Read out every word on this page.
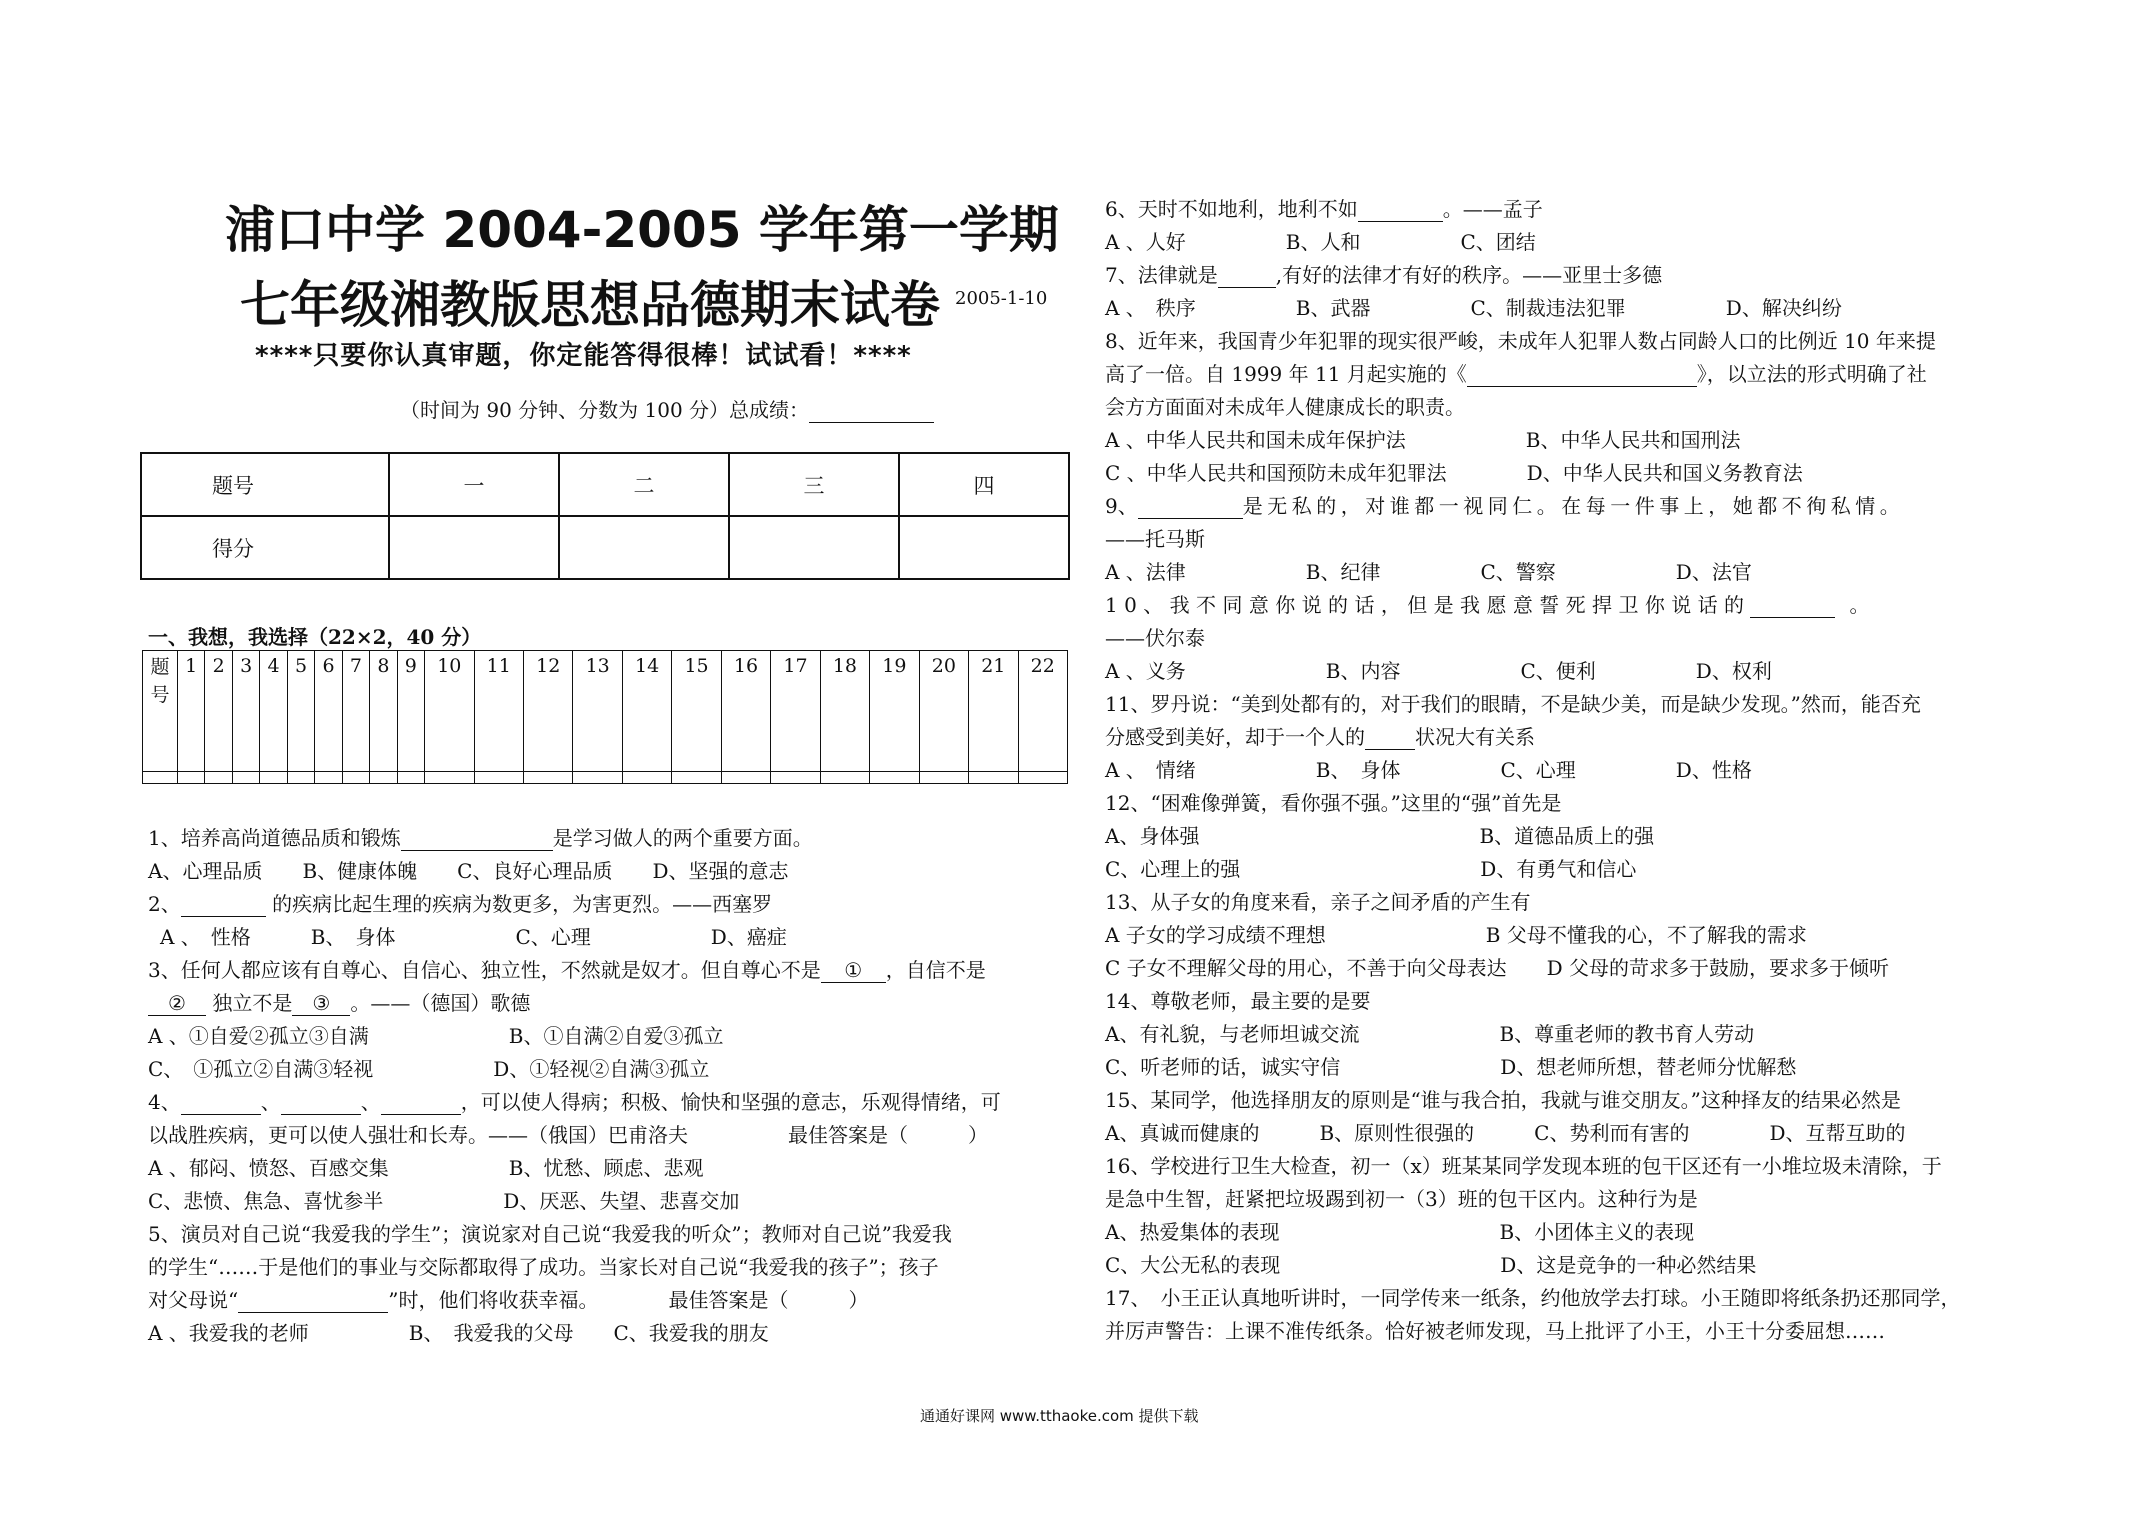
浦口中学 2004-2005 学年第一学期
七年级湘教版思想品德期末试卷 2005-1-10
****只要你认真审题，你定能答得很棒！试试看！****
（时间为 90 分钟、分数为 100 分）总成绩：
题号	一	二	三	四
得分				
一、我想，我选择（22×2，40 分）
题号	1	2	3	4	5	6	7	8	9	10	11	12	13	14	15	16	17	18	19	20	21	22

1、培养高尚道德品质和锻炼	是学习做人的两个重要方面。
A、心理品质　　B、健康体魄　　C、良好心理品质　　D、坚强的意志
2、	的疾病比起生理的疾病为数更多，为害更烈。——西塞罗
A 、　性格　　　B、　身体　　　　　　C、心理　　　　　　D、癌症
3、任何人都应该有自尊心、自信心、独立性，不然就是奴才。但自尊心不是 ① ，自信不是
② 独立不是 ③ 。——（德国）歌德
A 、①自爱②孤立③自满　　　　　　　B、①自满②自爱③孤立
C、　①孤立②自满③轻视　　　　　　D、①轻视②自满③孤立
4、	、	、	，可以使人得病；积极、愉快和坚强的意志，乐观得情绪，可
以战胜疾病，更可以使人强壮和长寿。——（俄国）巴甫洛夫　　　　　最佳答案是（　　　）
A 、郁闷、愤怒、百感交集　　　　　　B、忧愁、顾虑、悲观
C、悲愤、焦急、喜忧参半　　　　　　D、厌恶、失望、悲喜交加
5、演员对自己说“我爱我的学生”；演说家对自己说“我爱我的听众”；教师对自己说”我爱我
的学生“……于是他们的事业与交际都取得了成功。当家长对自己说“我爱我的孩子”；孩子
对父母说“	”时，他们将收获幸福。　　　　最佳答案是（　　　）
A 、我爱我的老师　　　　　B、　我爱我的父母　　C、我爱我的朋友
6、天时不如地利，地利不如	。——孟子
A 、人好　　　　　B、人和　　　　　C、团结
7、法律就是	,有好的法律才有好的秩序。——亚里士多德
A 、　秩序　　　　　B、武器　　　　　C、制裁违法犯罪　　　　　D、解决纠纷
8、近年来，我国青少年犯罪的现实很严峻，未成年人犯罪人数占同龄人口的比例近 10 年来提
高了一倍。自 1999 年 11 月起实施的《	》，以立法的形式明确了社
会方方面面对未成年人健康成长的职责。
A 、中华人民共和国未成年保护法　　　　　　B、中华人民共和国刑法
C 、中华人民共和国预防未成年犯罪法　　　　D、中华人民共和国义务教育法
9、	是无私的，对谁都一视同仁。在每一件事上，她都不徇私情。
——托马斯
A 、法律　　　　　　B、纪律　　　　　C、警察　　　　　　D、法官
10、我不同意你说的话，但是我愿意誓死捍卫你说话的	。
——伏尔泰
A 、义务　　　　　　　B、内容　　　　　　C、便利　　　　　D、权利
11、罗丹说：“美到处都有的，对于我们的眼睛，不是缺少美，而是缺少发现。”然而，能否充
分感受到美好，却于一个人的	状况大有关系
A 、　情绪　　　　　　B、　身体　　　　　C、心理　　　　　D、性格
12、“困难像弹簧，看你强不强。”这里的“强”首先是
A、身体强　　　　　　　　　　　　　　B、道德品质上的强
C、心理上的强　　　　　　　　　　　　D、有勇气和信心
13、从子女的角度来看，亲子之间矛盾的产生有
A 子女的学习成绩不理想　　　　　　　　B 父母不懂我的心，不了解我的需求
C 子女不理解父母的用心，不善于向父母表达　　D 父母的苛求多于鼓励，要求多于倾听
14、尊敬老师，最主要的是要
A、有礼貌，与老师坦诚交流　　　　　　　B、尊重老师的教书育人劳动
C、听老师的话，诚实守信　　　　　　　　D、想老师所想，替老师分忧解愁
15、某同学，他选择朋友的原则是“谁与我合拍，我就与谁交朋友。”这种择友的结果必然是
A、真诚而健康的　　　B、原则性很强的　　　C、势利而有害的　　　　D、互帮互助的
16、学校进行卫生大检查，初一（x）班某某同学发现本班的包干区还有一小堆垃圾未清除，于
是急中生智，赶紧把垃圾踢到初一（3）班的包干区内。这种行为是
A、热爱集体的表现　　　　　　　　　　　B、小团体主义的表现
C、大公无私的表现　　　　　　　　　　　D、这是竞争的一种必然结果
17、　小王正认真地听讲时，一同学传来一纸条，约他放学去打球。小王随即将纸条扔还那同学，
并厉声警告：上课不准传纸条。恰好被老师发现，马上批评了小王，小王十分委屈想……
通通好课网 www.tthaoke.com 提供下载
